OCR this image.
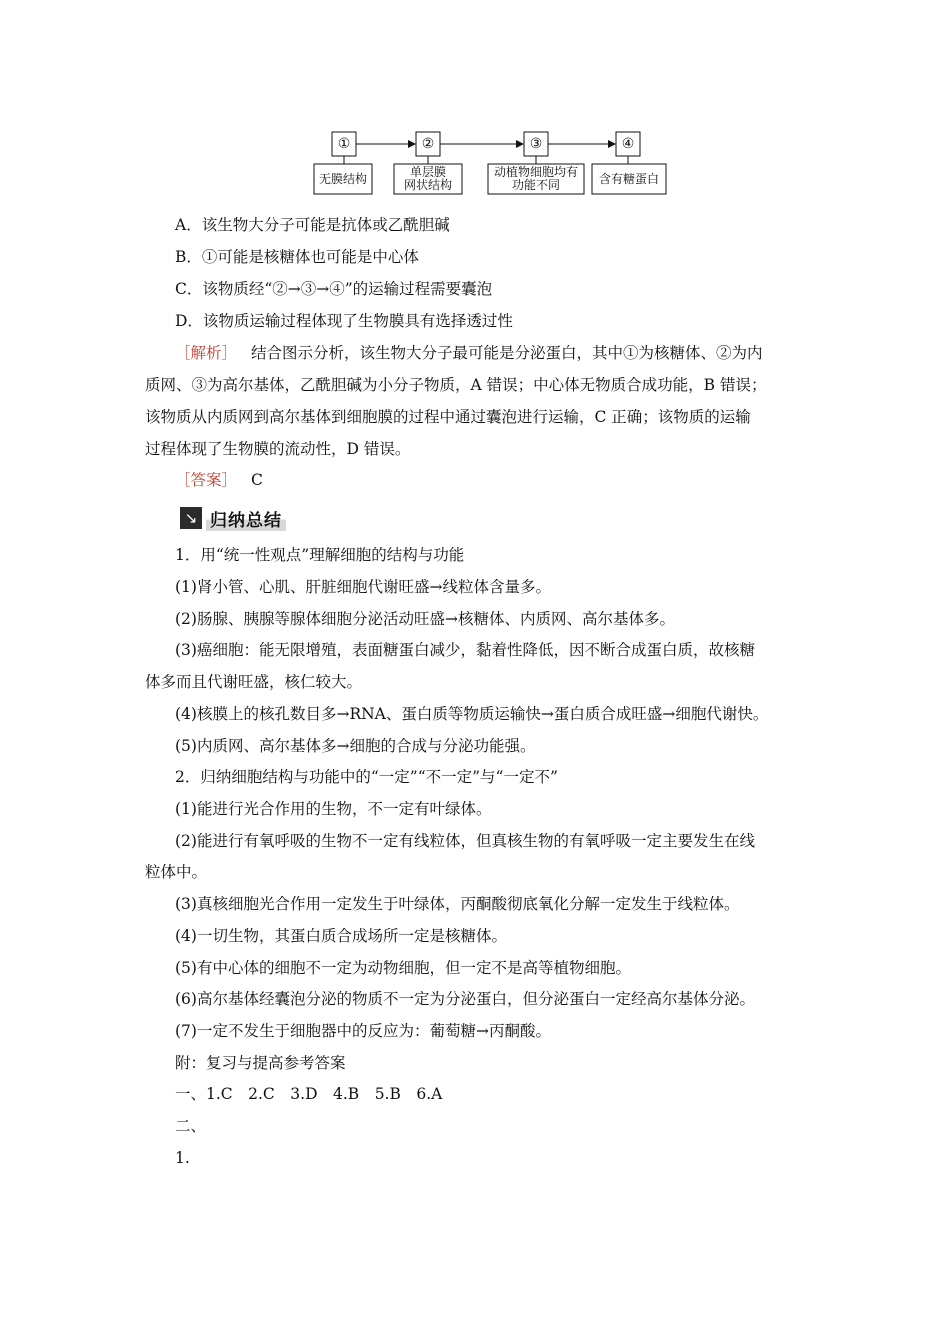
①	②	③	④
无膜结构	单层膜
网状结构
动植物细胞均有
功能不同	含有糖蛋白
A．该生物大分子可能是抗体或乙酰胆碱
B．①可能是核糖体也可能是中心体
C．该物质经“②→③→④”的运输过程需要囊泡
D．该物质运输过程体现了生物膜具有选择透过性
［解析］ 结合图示分析，该生物大分子最可能是分泌蛋白，其中①为核糖体、②为内
质网、③为高尔基体，乙酰胆碱为小分子物质，A 错误；中心体无物质合成功能，B 错误；
该物质从内质网到高尔基体到细胞膜的过程中通过囊泡进行运输，C 正确；该物质的运输
过程体现了生物膜的流动性，D 错误。
［答案］ C
↘ 归纳总结
1．用“统一性观点”理解细胞的结构与功能
(1)肾小管、心肌、肝脏细胞代谢旺盛→线粒体含量多。
(2)肠腺、胰腺等腺体细胞分泌活动旺盛→核糖体、内质网、高尔基体多。
(3)癌细胞：能无限增殖，表面糖蛋白减少，黏着性降低，因不断合成蛋白质，故核糖
体多而且代谢旺盛，核仁较大。
(4)核膜上的核孔数目多→RNA、蛋白质等物质运输快→蛋白质合成旺盛→细胞代谢快。
(5)内质网、高尔基体多→细胞的合成与分泌功能强。
2．归纳细胞结构与功能中的“一定”“不一定”与“一定不”
(1)能进行光合作用的生物，不一定有叶绿体。
(2)能进行有氧呼吸的生物不一定有线粒体，但真核生物的有氧呼吸一定主要发生在线
粒体中。
(3)真核细胞光合作用一定发生于叶绿体，丙酮酸彻底氧化分解一定发生于线粒体。
(4)一切生物，其蛋白质合成场所一定是核糖体。
(5)有中心体的细胞不一定为动物细胞，但一定不是高等植物细胞。
(6)高尔基体经囊泡分泌的物质不一定为分泌蛋白，但分泌蛋白一定经高尔基体分泌。
(7)一定不发生于细胞器中的反应为：葡萄糖→丙酮酸。
附：复习与提高参考答案
一、1.C　2.C　3.D　4.B　5.B　6.A
二、
1.
